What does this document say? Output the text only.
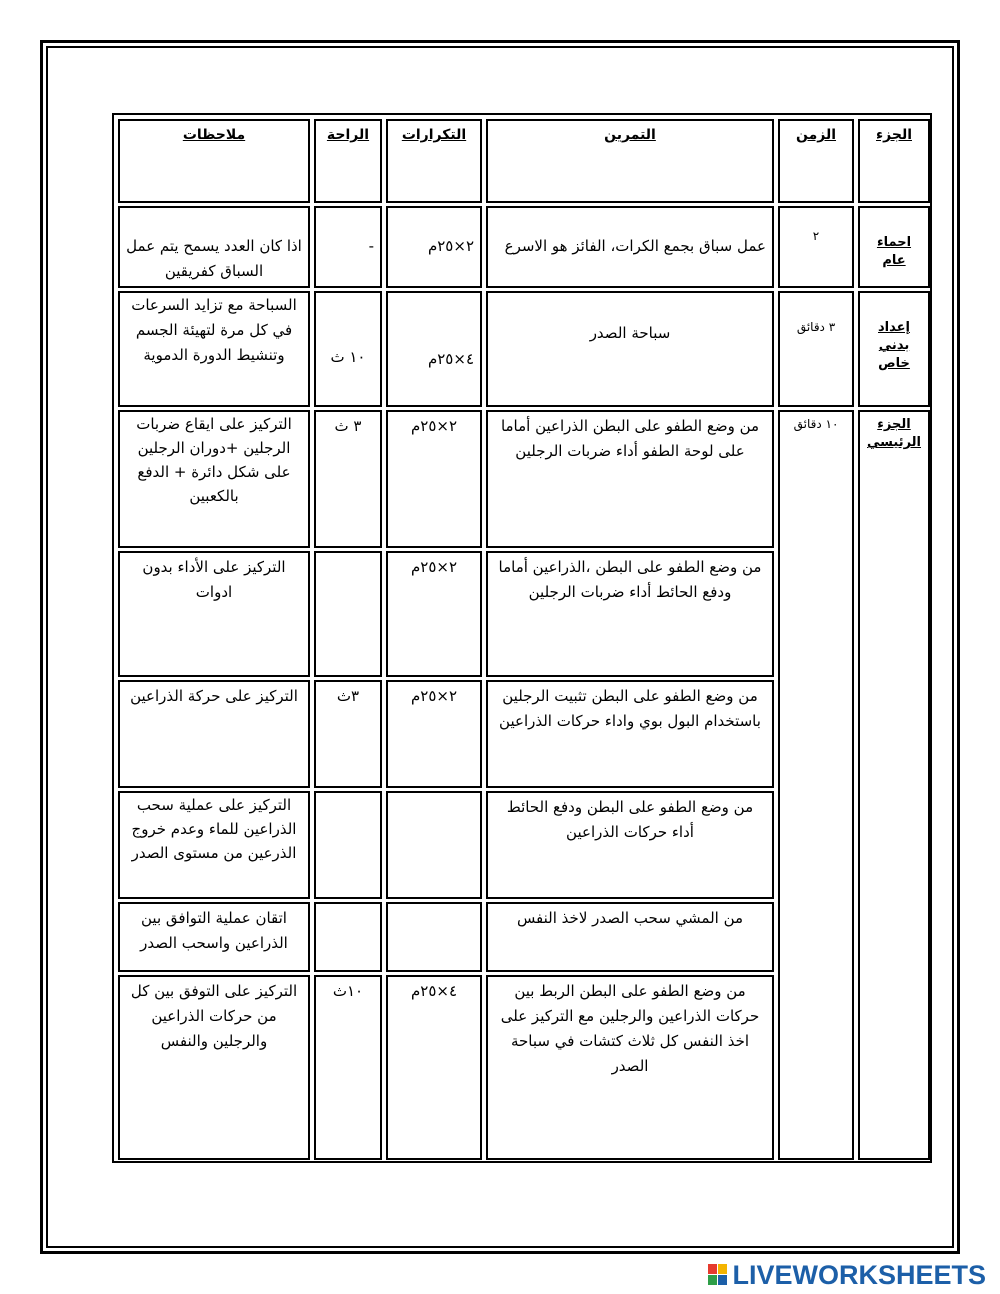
الجزء
الزمن
التمرين
التكرارات
الراحة
ملاحظات
احماء عام
٢
عمل سباق بجمع الكرات، الفائز هو الاسرع
٢×٢٥م
-
اذا كان العدد يسمح يتم عمل السباق كفريقين
إعداد بدني خاص
٣ دقائق
سباحة الصدر
٤×٢٥م
١٠ ث
السباحة مع تزايد السرعات في كل مرة لتهيئة الجسم وتنشيط الدورة الدموية
الجزء الرئيسي
١٠ دقائق
من وضع الطفو على البطن الذراعين أماما على لوحة الطفو أداء ضربات الرجلين
٢×٢٥م
٣ ث
التركيز على ايقاع ضربات الرجلين +دوران الرجلين على شكل دائرة + الدفع بالكعبين
من وضع الطفو على البطن ،الذراعين أماما ودفع الحائط أداء ضربات الرجلين
٢×٢٥م
التركيز على الأداء بدون ادوات
من وضع الطفو على البطن تثبيت الرجلين باستخدام البول بوي واداء حركات الذراعين
٢×٢٥م
٣ث
التركيز على حركة الذراعين
من وضع الطفو على البطن ودفع الحائط أداء حركات الذراعين
التركيز على عملية سحب الذراعين للماء وعدم خروج الذرعين من مستوى الصدر
من المشي سحب الصدر لاخذ النفس
اتقان عملية التوافق بين الذراعين واسحب الصدر
من وضع الطفو على البطن الربط بين حركات الذراعين والرجلين مع التركيز على اخذ النفس كل ثلاث كتشات في سباحة الصدر
٤×٢٥م
١٠ث
التركيز على التوفق بين كل من حركات الذراعين والرجلين والنفس
LIVEWORKSHEETS
